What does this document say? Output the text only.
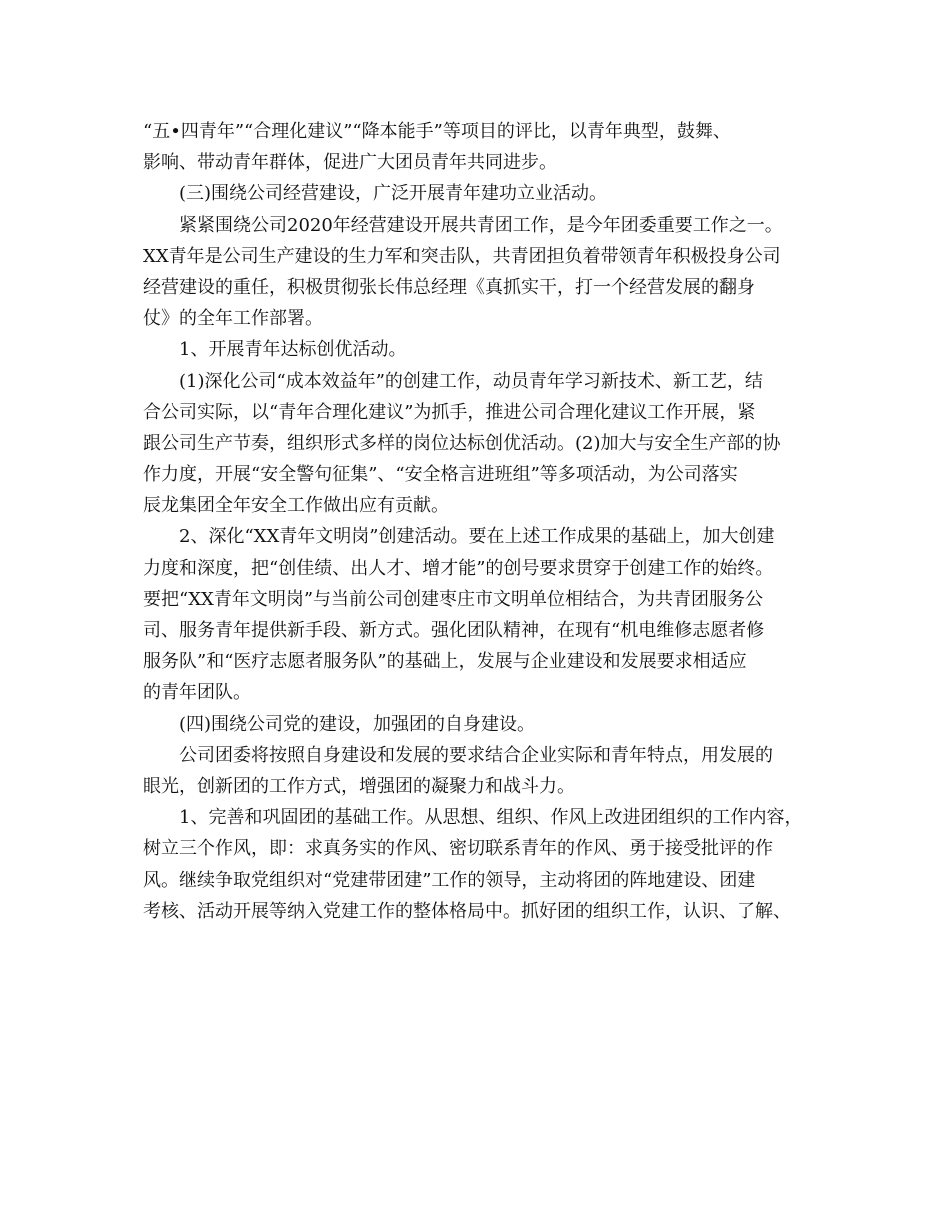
“五•四青年”“合理化建议”“降本能手”等项目的评比，以青年典型，鼓舞、
影响、带动青年群体，促进广大团员青年共同进步。
(三)围绕公司经营建设，广泛开展青年建功立业活动。
紧紧围绕公司2020年经营建设开展共青团工作，是今年团委重要工作之一。
XX青年是公司生产建设的生力军和突击队，共青团担负着带领青年积极投身公司
经营建设的重任，积极贯彻张长伟总经理《真抓实干，打一个经营发展的翻身
仗》的全年工作部署。
1、开展青年达标创优活动。
(1)深化公司“成本效益年”的创建工作，动员青年学习新技术、新工艺，结
合公司实际，以“青年合理化建议”为抓手，推进公司合理化建议工作开展，紧
跟公司生产节奏，组织形式多样的岗位达标创优活动。(2)加大与安全生产部的协
作力度，开展“安全警句征集”、“安全格言进班组”等多项活动，为公司落实
辰龙集团全年安全工作做出应有贡献。
2、深化“XX青年文明岗”创建活动。要在上述工作成果的基础上，加大创建
力度和深度，把“创佳绩、出人才、增才能”的创号要求贯穿于创建工作的始终。
要把“XX青年文明岗”与当前公司创建枣庄市文明单位相结合，为共青团服务公
司、服务青年提供新手段、新方式。强化团队精神，在现有“机电维修志愿者修
服务队”和“医疗志愿者服务队”的基础上，发展与企业建设和发展要求相适应
的青年团队。
(四)围绕公司党的建设，加强团的自身建设。
公司团委将按照自身建设和发展的要求结合企业实际和青年特点，用发展的
眼光，创新团的工作方式，增强团的凝聚力和战斗力。
1、完善和巩固团的基础工作。从思想、组织、作风上改进团组织的工作内容，
树立三个作风，即：求真务实的作风、密切联系青年的作风、勇于接受批评的作
风。继续争取党组织对“党建带团建”工作的领导，主动将团的阵地建设、团建
考核、活动开展等纳入党建工作的整体格局中。抓好团的组织工作，认识、了解、
